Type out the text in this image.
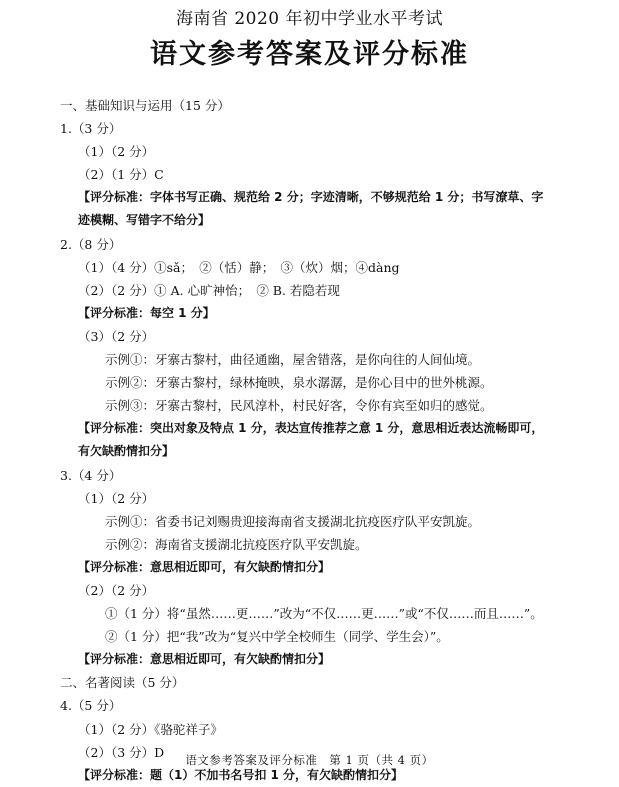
海南省 2020 年初中学业水平考试
语文参考答案及评分标准
一、基础知识与运用（15 分）
1.（3 分）
（1）（2 分）
（2）（1 分）C
【评分标准：字体书写正确、规范给 2 分；字迹清晰，不够规范给 1 分；书写潦草、字
迹模糊、写错字不给分】
2.（8 分）
（1）（4 分）①sǎ；　②（恬）静；　③（炊）烟；④dàng
（2）（2 分）① A. 心旷神怡；　② B. 若隐若现
【评分标准：每空 1 分】
（3）（2 分）
示例①：牙寨古黎村，曲径通幽，屋舍错落，是你向往的人间仙境。
示例②：牙寨古黎村，绿林掩映，泉水潺潺，是你心目中的世外桃源。
示例③：牙寨古黎村，民风淳朴，村民好客，令你有宾至如归的感觉。
【评分标准：突出对象及特点 1 分，表达宣传推荐之意 1 分，意思相近表达流畅即可，
有欠缺酌情扣分】
3.（4 分）
（1）（2 分）
示例①：省委书记刘赐贵迎接海南省支援湖北抗疫医疗队平安凯旋。
示例②：海南省支援湖北抗疫医疗队平安凯旋。
【评分标准：意思相近即可，有欠缺酌情扣分】
（2）（2 分）
①（1 分）将“虽然……更……”改为“不仅……更……”或“不仅……而且……”。
②（1 分）把“我”改为“复兴中学全校师生（同学、学生会）”。
【评分标准：意思相近即可，有欠缺酌情扣分】
二、名著阅读（5 分）
4.（5 分）
（1）（2 分）《骆驼祥子》
（2）（3 分）D
【评分标准：题（1）不加书名号扣 1 分，有欠缺酌情扣分】
语文参考答案及评分标准　第 1 页（共 4 页）
